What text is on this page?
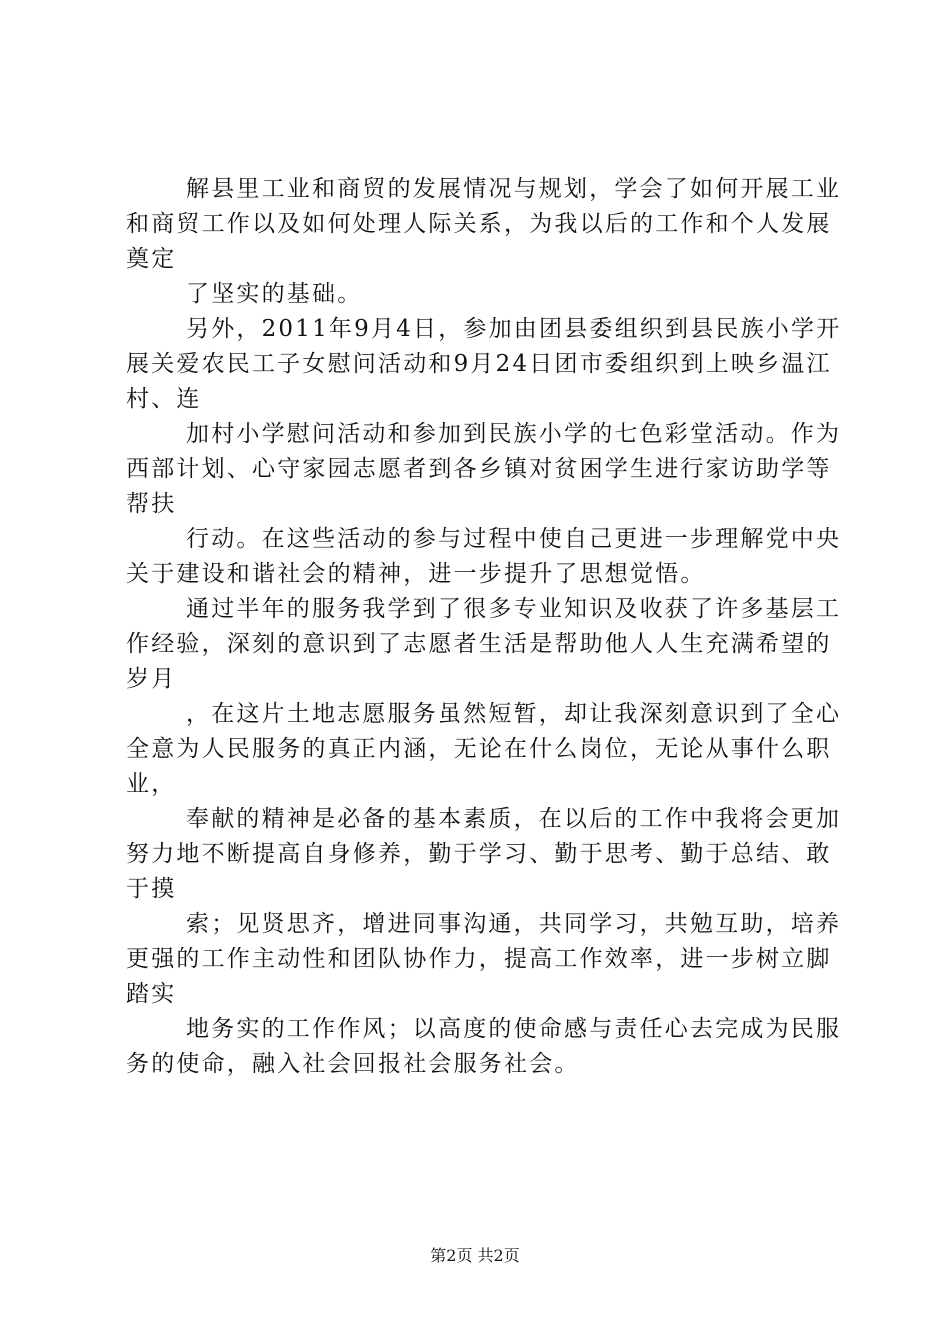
解县里工业和商贸的发展情况与规划，学会了如何开展工业和商贸工作以及如何处理人际关系，为我以后的工作和个人发展奠定

了坚实的基础。

另外，2011年9月4日，参加由团县委组织到县民族小学开展关爱农民工子女慰问活动和9月24日团市委组织到上映乡温江村、连

加村小学慰问活动和参加到民族小学的七色彩堂活动。作为西部计划、心守家园志愿者到各乡镇对贫困学生进行家访助学等帮扶

行动。在这些活动的参与过程中使自己更进一步理解党中央关于建设和谐社会的精神，进一步提升了思想觉悟。

通过半年的服务我学到了很多专业知识及收获了许多基层工作经验，深刻的意识到了志愿者生活是帮助他人人生充满希望的岁月

，在这片土地志愿服务虽然短暂，却让我深刻意识到了全心全意为人民服务的真正内涵，无论在什么岗位，无论从事什么职业，

奉献的精神是必备的基本素质，在以后的工作中我将会更加努力地不断提高自身修养，勤于学习、勤于思考、勤于总结、敢于摸

索；见贤思齐，增进同事沟通，共同学习，共勉互助，培养更强的工作主动性和团队协作力，提高工作效率，进一步树立脚踏实

地务实的工作作风；以高度的使命感与责任心去完成为民服务的使命，融入社会回报社会服务社会。

第2页 共2页
